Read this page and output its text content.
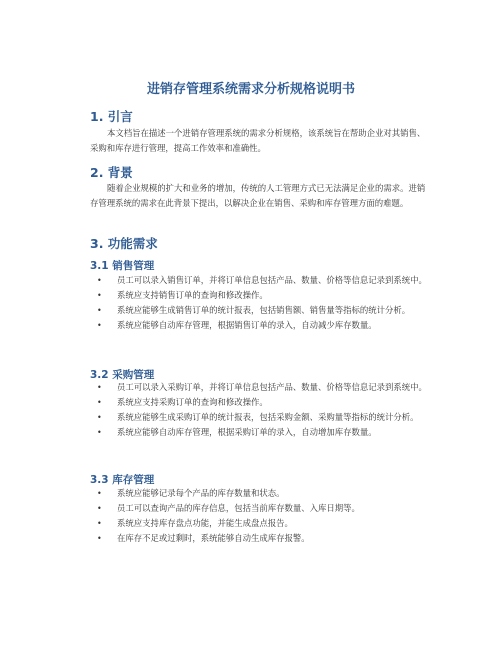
进销存管理系统需求分析规格说明书
1. 引言

本文档旨在描述一个进销存管理系统的需求分析规格，该系统旨在帮助企业对其销售、采购和库存进行管理，提高工作效率和准确性。

2. 背景

随着企业规模的扩大和业务的增加，传统的人工管理方式已无法满足企业的需求。进销存管理系统的需求在此背景下提出，以解决企业在销售、采购和库存管理方面的难题。

3. 功能需求
3.1 销售管理
• 员工可以录入销售订单，并将订单信息包括产品、数量、价格等信息记录到系统中。
• 系统应支持销售订单的查询和修改操作。
• 系统应能够生成销售订单的统计报表，包括销售额、销售量等指标的统计分析。
• 系统应能够自动库存管理，根据销售订单的录入，自动减少库存数量。
3.2 采购管理
• 员工可以录入采购订单，并将订单信息包括产品、数量、价格等信息记录到系统中。
• 系统应支持采购订单的查询和修改操作。
• 系统应能够生成采购订单的统计报表，包括采购金额、采购量等指标的统计分析。
• 系统应能够自动库存管理，根据采购订单的录入，自动增加库存数量。
3.3 库存管理
• 系统应能够记录每个产品的库存数量和状态。
• 员工可以查询产品的库存信息，包括当前库存数量、入库日期等。
• 系统应支持库存盘点功能，并能生成盘点报告。
• 在库存不足或过剩时，系统能够自动生成库存报警。
